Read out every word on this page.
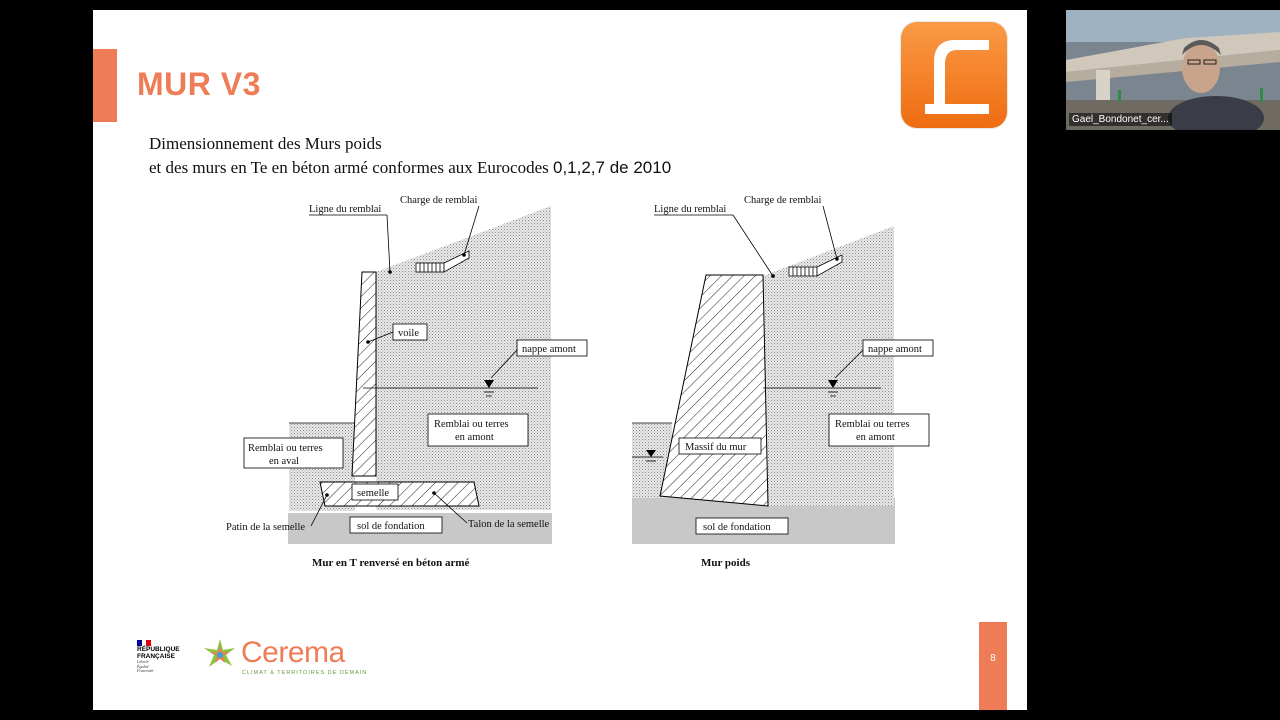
MUR V3
Dimensionnement des Murs poids
et des murs en Te en béton armé conformes aux Eurocodes 0,1,2,7 de 2010
Ligne du remblai
Charge de remblai
voile
nappe amont
Remblai ou terres
en amont
Remblai ou terres
en aval
semelle
Patin de la semelle	Talon de la semelle
sol de fondation
Mur en T renversé en béton armé
Ligne du remblai
Charge de remblai
nappe amont
Remblai ou terres
en amont
Massif du mur
sol de fondation
Mur poids
RÉPUBLIQUE
FRANÇAISE
Liberté
Égalité
Fraternité
Cerema
CLIMAT & TERRITOIRES DE DEMAIN
8
Gael_Bondonet_cer...
